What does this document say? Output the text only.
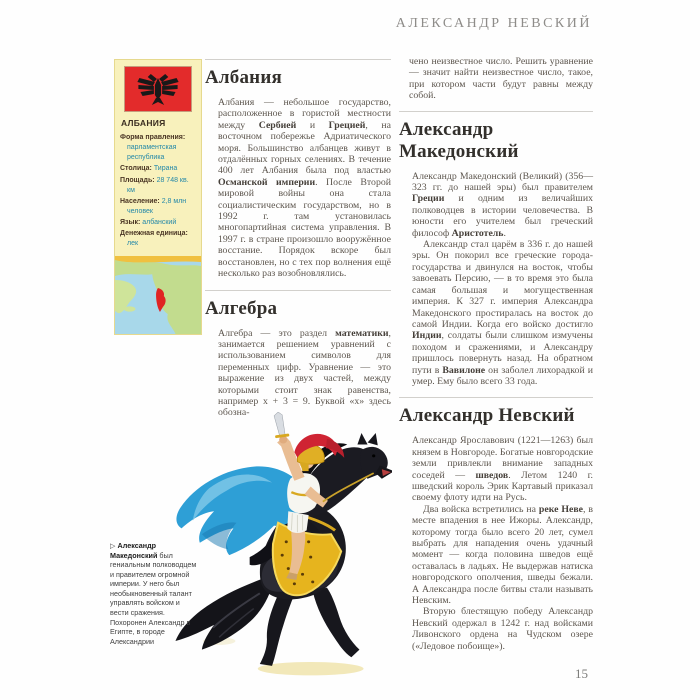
АЛЕКСАНДР НЕВСКИЙ
АЛБАНИЯ
Форма правления: парламентская республика
Столица: Тирана
Площадь: 28 748 кв. км
Население: 2,8 млн человек
Язык: албанский
Денежная единица: лек
Албания

Албания — небольшое государство, расположенное в гористой местности между Сербией и Грецией, на восточном побережье Адриатического моря. Большинство албанцев живут в отдалённых горных селениях. В течение 400 лет Албания была под властью Османской империи. После Второй мировой войны она стала социалистическим государством, но в 1992 г. там установилась многопартийная система управления. В 1997 г. в стране произошло вооружённое восстание. Порядок вскоре был восстановлен, но с тех пор волнения ещё несколько раз возобновлялись.

Алгебра

Алгебра — это раздел математики, занимается решением уравнений с использованием символов для переменных цифр. Уравнение — это выражение из двух частей, между которыми стоит знак равенства, например х + 3 = 9. Буквой «х» здесь обозна-

чено неизвестное число. Решить уравнение — значит найти неизвестное число, такое, при котором части будут равны между собой.

Александр Македонский

Александр Македонский (Великий) (356—323 гг. до нашей эры) был правителем Греции и одним из величайших полководцев в истории человечества. В юности его учителем был греческий философ Аристотель.

Александр стал царём в 336 г. до нашей эры. Он покорил все греческие города-государства и двинулся на восток, чтобы завоевать Персию, — в то время это была самая большая и могущественная империя. К 327 г. империя Александра Македонского простиралась на восток до самой Индии. Когда его войско достигло Индии, солдаты были слишком измучены походом и сражениями, и Александру пришлось повернуть назад. На обратном пути в Вавилоне он заболел лихорадкой и умер. Ему было всего 33 года.

Александр Невский

Александр Ярославович (1221—1263) был князем в Новгороде. Богатые новгородские земли привлекли внимание западных соседей — шведов. Летом 1240 г. шведский король Эрик Картавый приказал своему флоту идти на Русь.

Два войска встретились на реке Неве, в месте впадения в нее Ижоры. Александр, которому тогда было всего 20 лет, сумел выбрать для нападения очень удачный момент — когда половина шведов ещё оставалась в ладьях. Не выдержав натиска новгородского ополчения, шведы бежали. А Александра после битвы стали называть Невским.

Вторую блестящую победу Александр Невский одержал в 1242 г. над войсками Ливонского ордена на Чудском озере («Ледовое побоище»).

▷ Александр Македонский был гениальным полководцем и правителем огромной империи. У него был необыкновенный талант управлять войском и вести сражения. Похоронен Александр в Египте, в городе Александрии
15
